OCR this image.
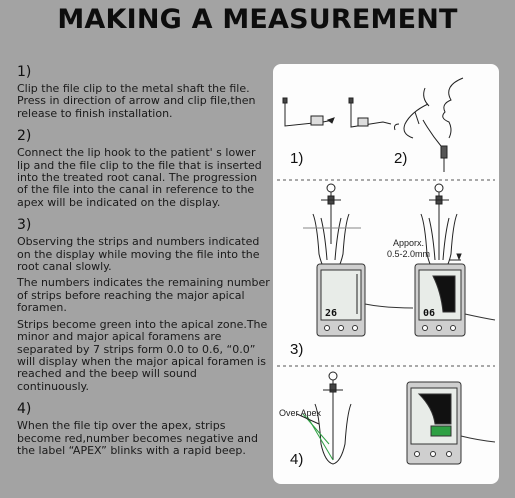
MAKING A MEASUREMENT
1)
Clip the file clip to the metal shaft the file. Press in direction of arrow and clip file,then release to finish installation.
2)
Connect the lip hook to the patient' s lower lip and the file clip to the file that is inserted into the treated root canal. The progression of the file into the canal in reference to the apex will be indicated on the display.
3)
Observing the strips and numbers indicated on the display while moving the file into the root canal slowly.
The numbers indicates the remaining number of strips before reaching the major apical foramen.
Strips become green into the apical zone.The minor and major apical foramens are separated by 7 strips form 0.0 to 0.6, “0.0” will display when the major apical foramen is reached and the beep will sound continuously.
4)
When the file tip over the apex, strips become red,number becomes negative and the label “APEX” blinks with a rapid beep.
1)	2)
Apporx.
0.5-2.0mm
26	06
3)
Over Apex
4)
